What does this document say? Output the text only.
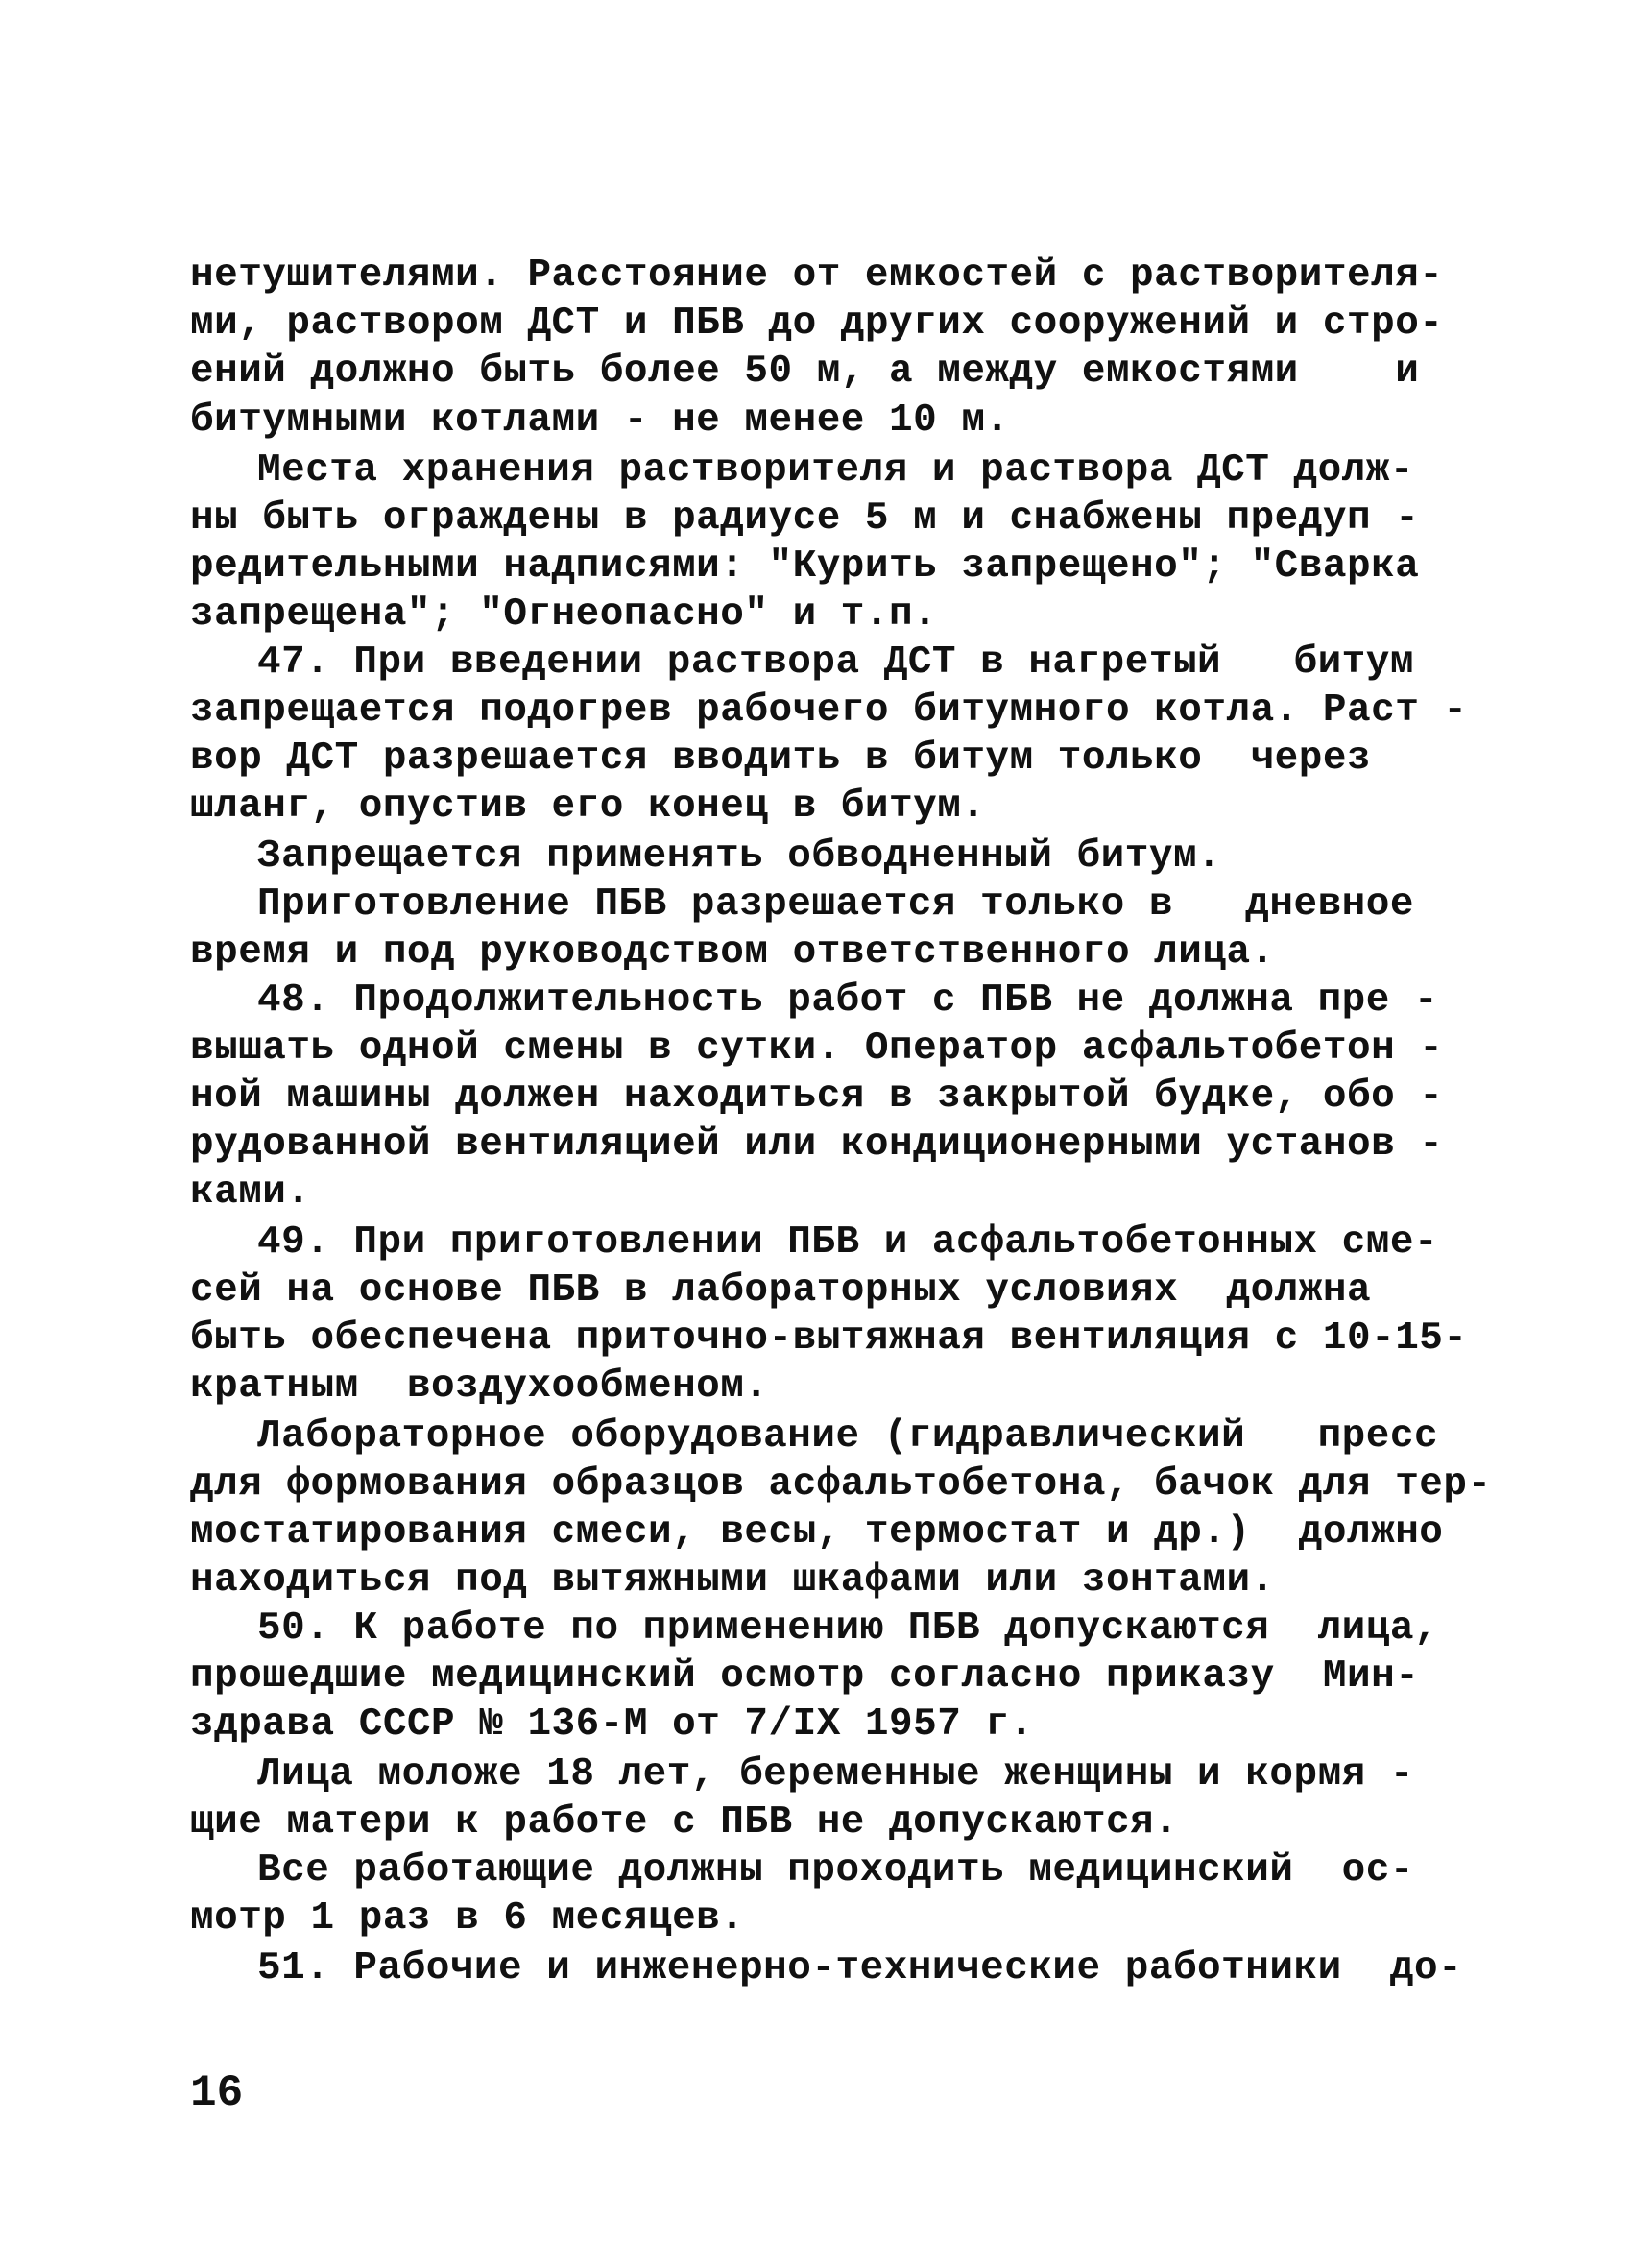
нетушителями. Расстояние от емкостей с растворителя-
ми, раствором ДСТ и ПБВ до других сооружений и стро-
ений должно быть более 50 м, а между емкостями    и
битумными котлами - не менее 10 м.
Места хранения растворителя и раствора ДСТ долж-
ны быть ограждены в радиусе 5 м и снабжены предуп -
редительными надписями: "Курить запрещено"; "Сварка
запрещена"; "Огнеопасно" и т.п.
47. При введении раствора ДСТ в нагретый   битум
запрещается подогрев рабочего битумного котла. Раст -
вор ДСТ разрешается вводить в битум только  через
шланг, опустив его конец в битум.
Запрещается применять обводненный битум.
Приготовление ПБВ разрешается только в   дневное
время и под руководством ответственного лица.
48. Продолжительность работ с ПБВ не должна пре -
вышать одной смены в сутки. Оператор асфальтобетон -
ной машины должен находиться в закрытой будке, обо -
рудованной вентиляцией или кондиционерными установ -
ками.
49. При приготовлении ПБВ и асфальтобетонных сме-
сей на основе ПБВ в лабораторных условиях  должна
быть обеспечена приточно-вытяжная вентиляция с 10-15-
кратным  воздухообменом.
Лабораторное оборудование (гидравлический   пресс
для формования образцов асфальтобетона, бачок для тер-
мостатирования смеси, весы, термостат и др.)  должно
находиться под вытяжными шкафами или зонтами.
50. К работе по применению ПБВ допускаются  лица,
прошедшие медицинский осмотр согласно приказу  Мин-
здрава СССР № 136-М от 7/IX 1957 г.
Лица моложе 18 лет, беременные женщины и кормя -
щие матери к работе с ПБВ не допускаются.
Все работающие должны проходить медицинский  ос-
мотр 1 раз в 6 месяцев.
51. Рабочие и инженерно-технические работники  до-
16
